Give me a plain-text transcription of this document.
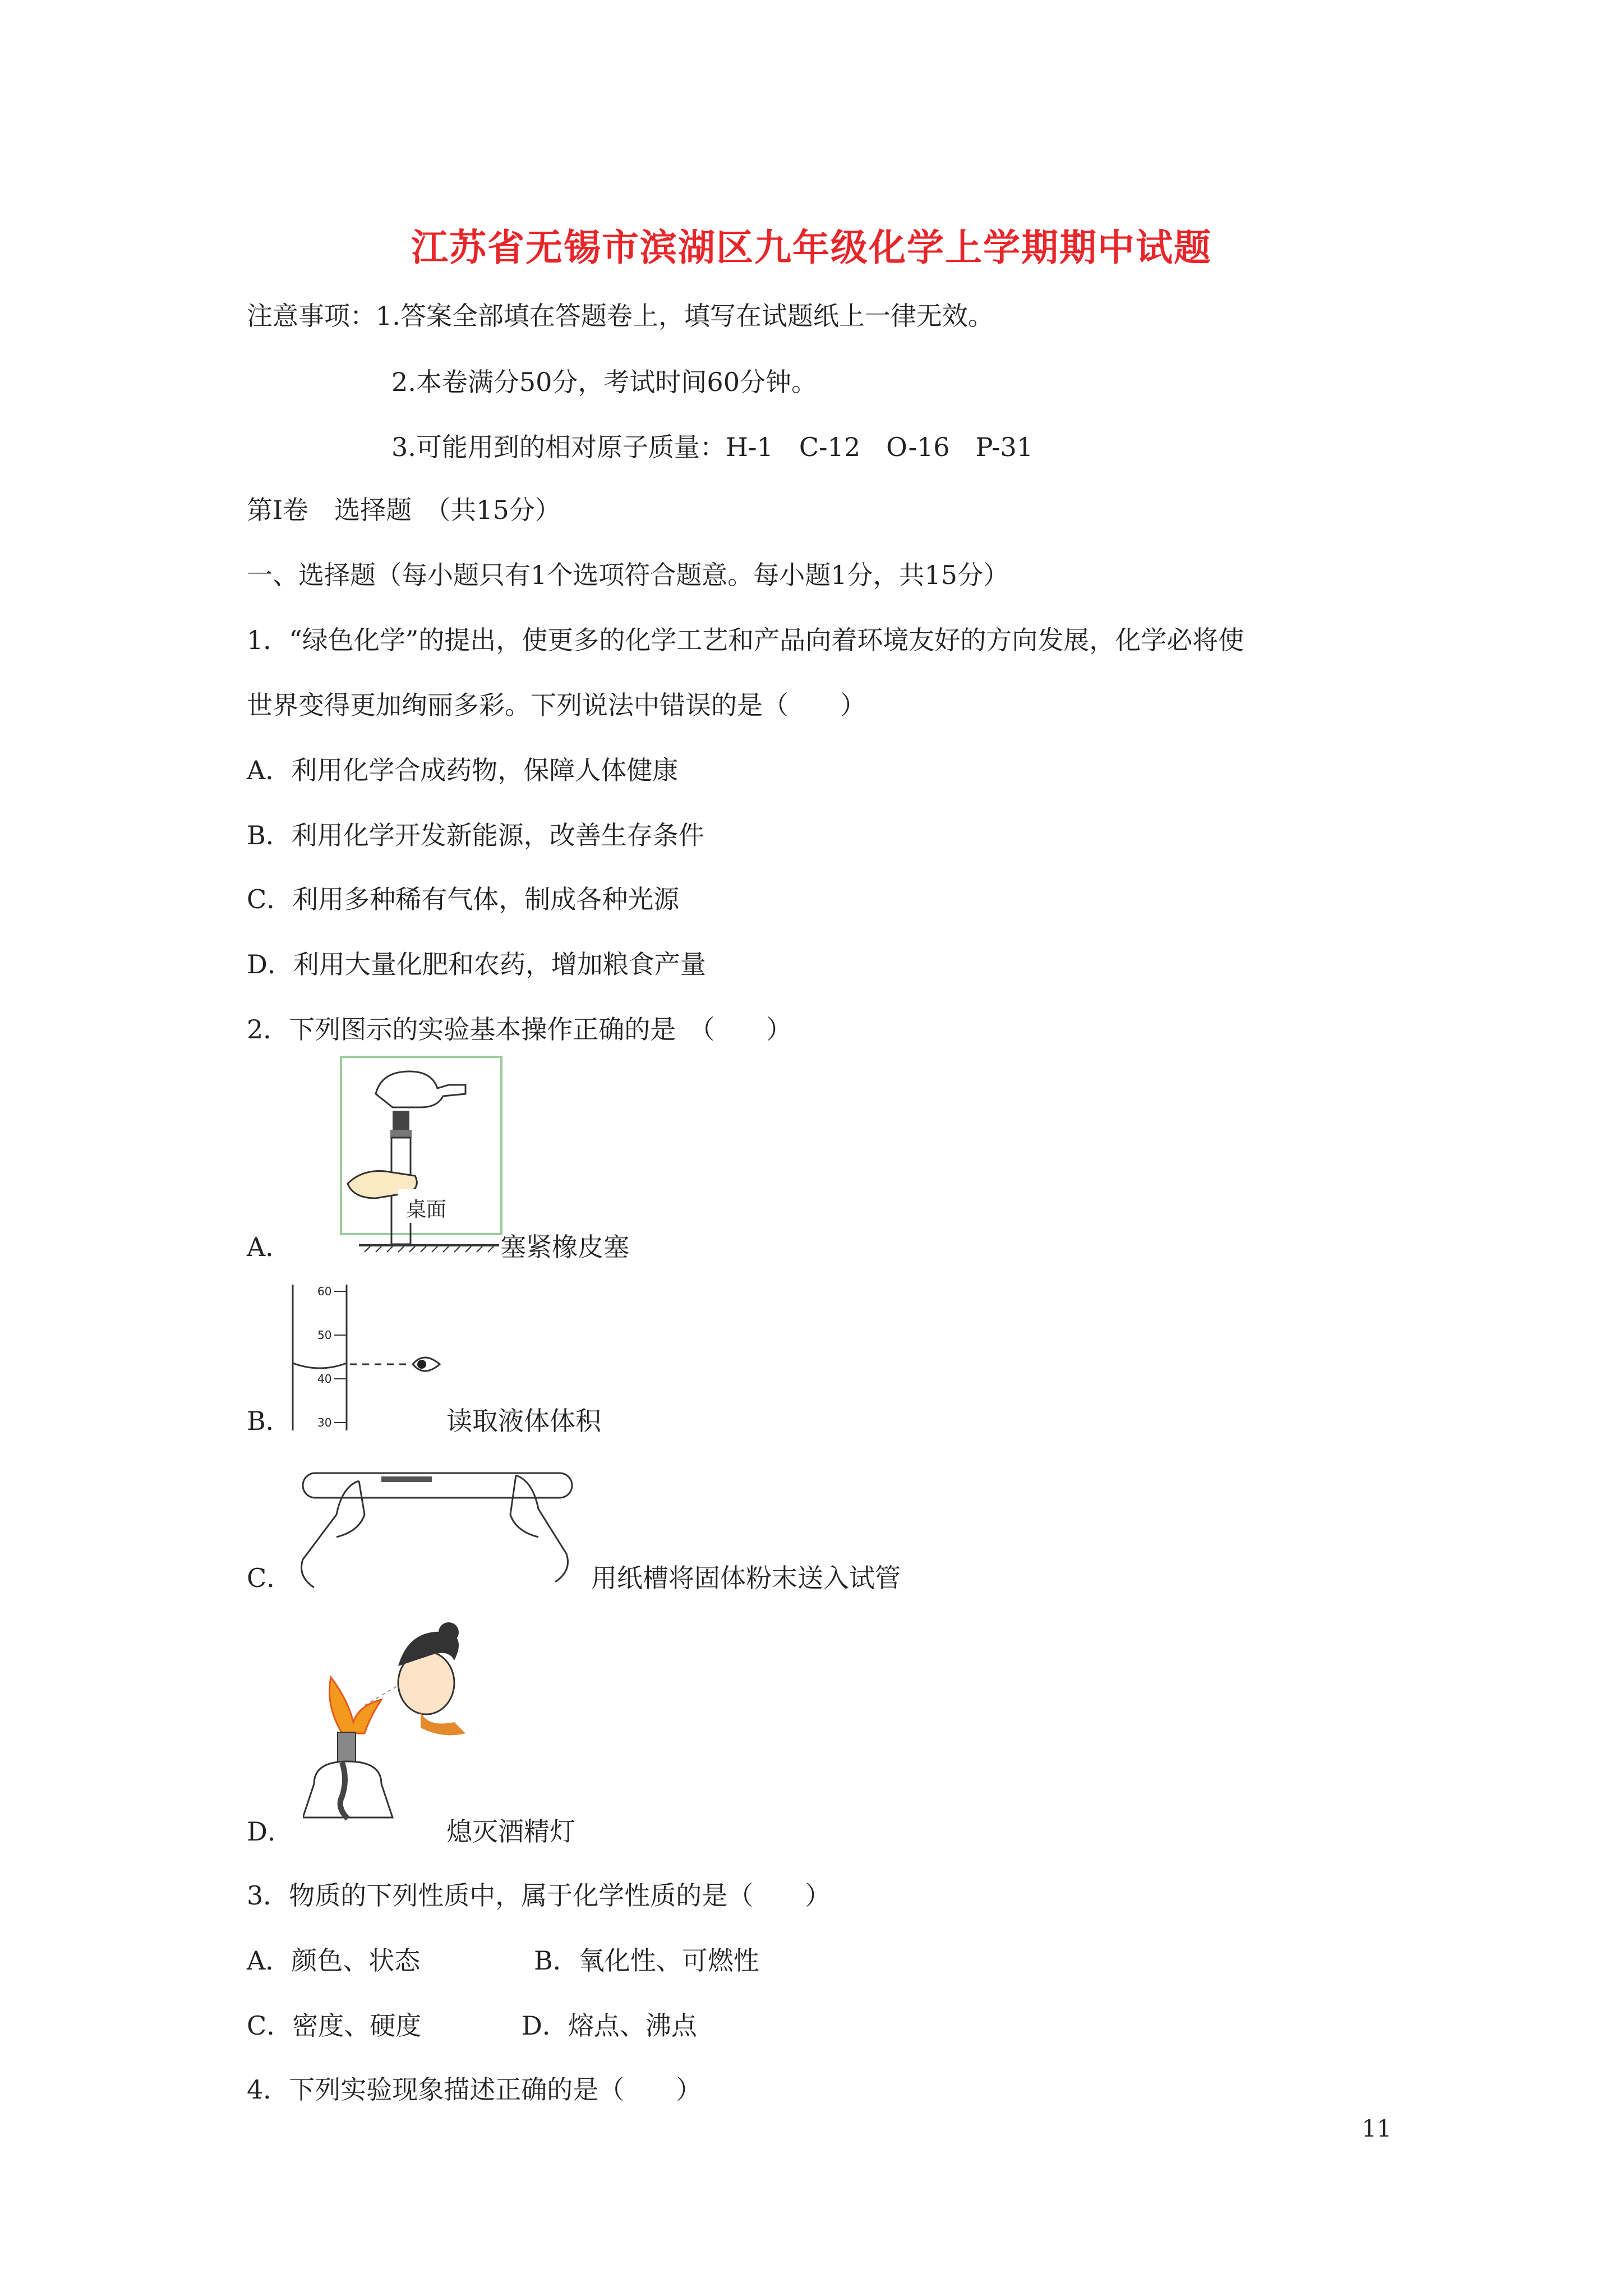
江苏省无锡市滨湖区九年级化学上学期期中试题
注意事项：1.答案全部填在答题卷上，填写在试题纸上一律无效。
2.本卷满分50分，考试时间60分钟。
3.可能用到的相对原子质量：H-1　C-12　O-16　P-31
第Ⅰ卷　选择题　（共15分）
一、选择题（每小题只有1个选项符合题意。每小题1分，共15分）
1．“绿色化学”的提出，使更多的化学工艺和产品向着环境友好的方向发展，化学必将使
世界变得更加绚丽多彩。下列说法中错误的是（　　）
A．利用化学合成药物，保障人体健康
B．利用化学开发新能源，改善生存条件
C．利用多种稀有气体，制成各种光源
D．利用大量化肥和农药，增加粮食产量
2．下列图示的实验基本操作正确的是　（　　）
A．
桌面
塞紧橡皮塞
B．
60
50
40
30	读取液体体积
C．	用纸槽将固体粉末送入试管
D．	熄灭酒精灯
3．物质的下列性质中，属于化学性质的是（　　）
A．颜色、状态	B．氧化性、可燃性
C．密度、硬度	D．熔点、沸点
4．下列实验现象描述正确的是（　　）
11
